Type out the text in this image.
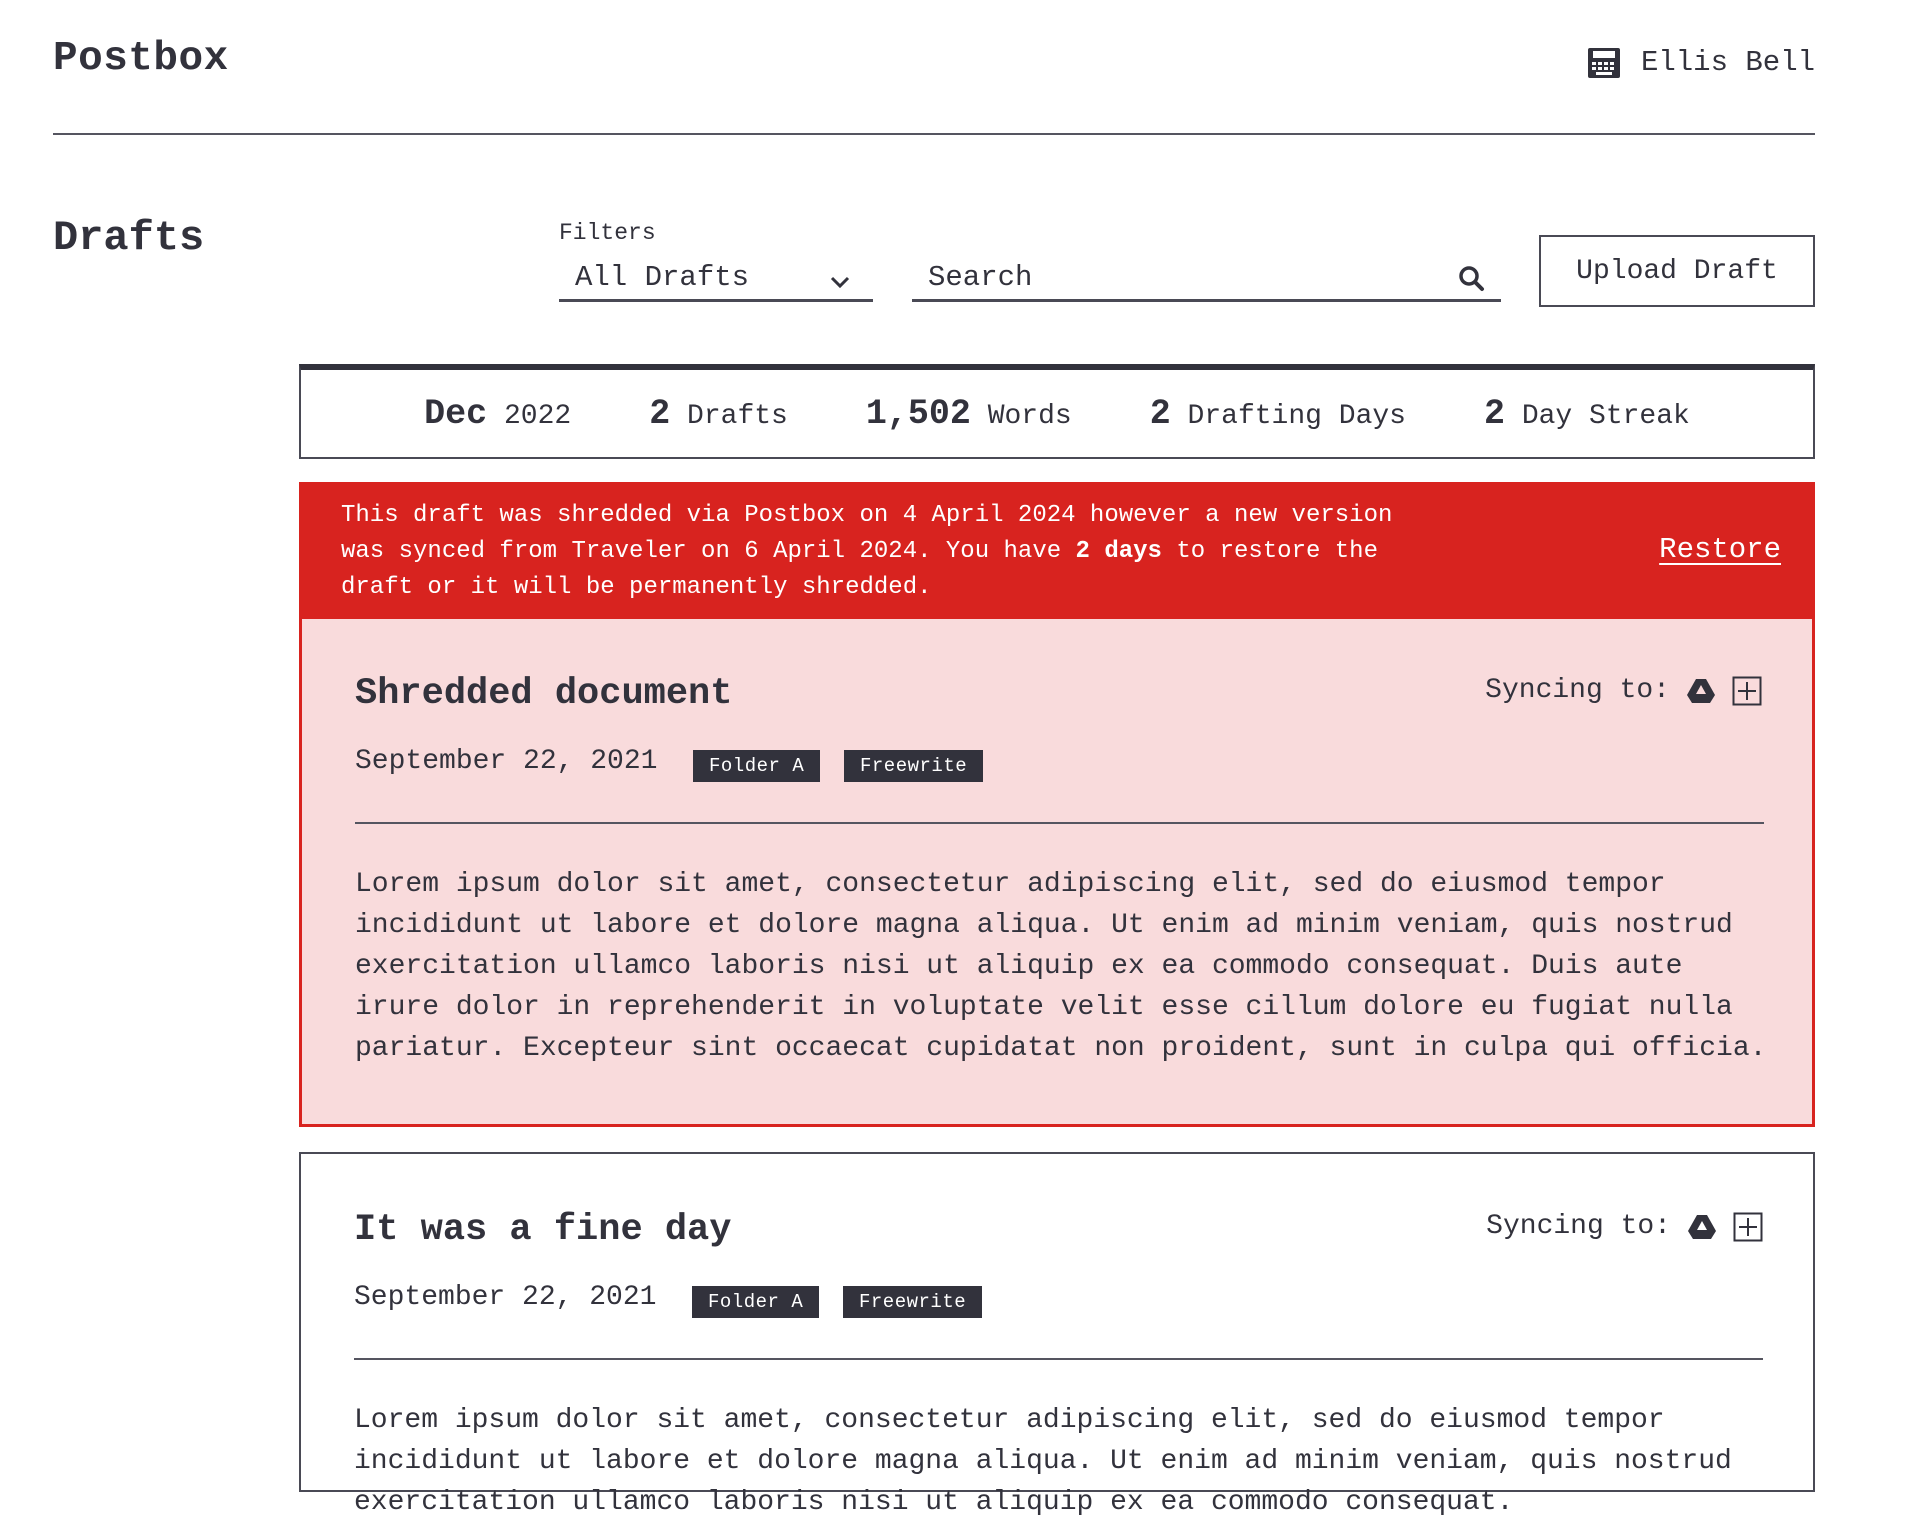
Postbox	Ellis Bell
Drafts	Filters
All Drafts
Search	Upload Draft
Dec 2022 2 Drafts 1,502 Words 2 Drafting Days 2 Day Streak
This draft was shredded via Postbox on 4 April 2024 however a new version was synced from Traveler on 6 April 2024. You have 2 days to restore the draft or it will be permanently shredded.
Restore
Shredded document	Syncing to:
September 22, 2021	Folder A	Freewrite
Lorem ipsum dolor sit amet, consectetur adipiscing elit, sed do eiusmod tempor incididunt ut labore et dolore magna aliqua. Ut enim ad minim veniam, quis nostrud exercitation ullamco laboris nisi ut aliquip ex ea commodo consequat. Duis aute irure dolor in reprehenderit in voluptate velit esse cillum dolore eu fugiat nulla pariatur. Excepteur sint occaecat cupidatat non proident, sunt in culpa qui officia.
It was a fine day	Syncing to:
September 22, 2021	Folder A	Freewrite
Lorem ipsum dolor sit amet, consectetur adipiscing elit, sed do eiusmod tempor incididunt ut labore et dolore magna aliqua. Ut enim ad minim veniam, quis nostrud exercitation ullamco laboris nisi ut aliquip ex ea commodo consequat.
